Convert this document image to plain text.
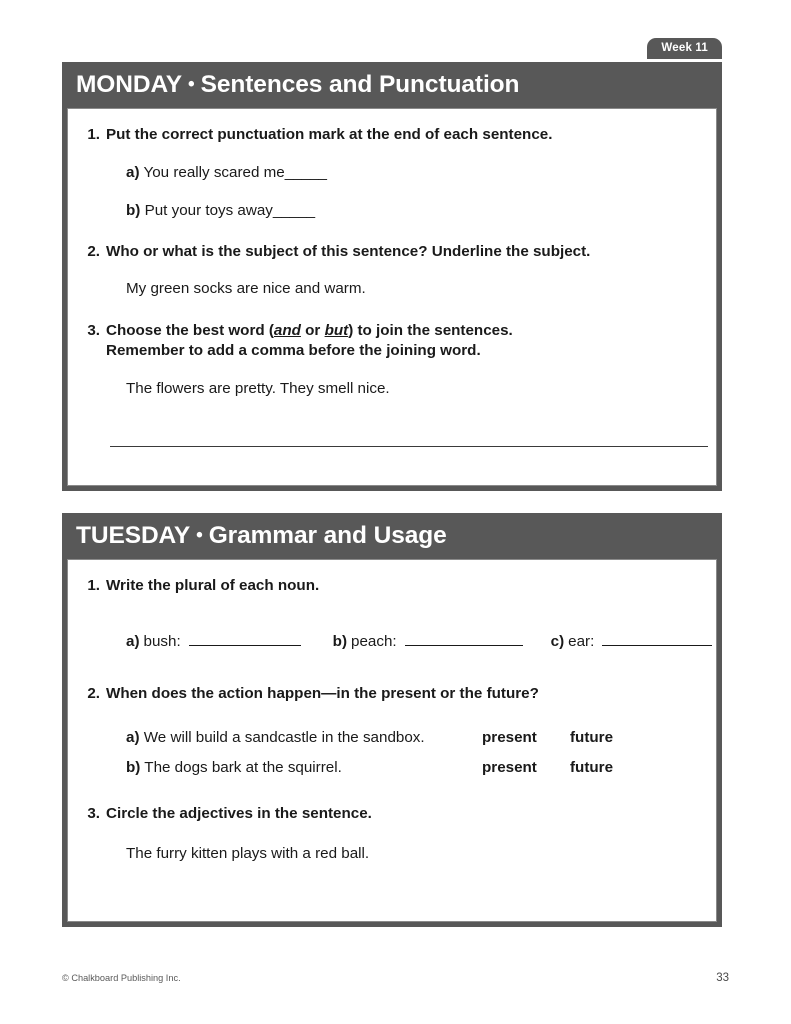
Week 11
MONDAY • Sentences and Punctuation
1. Put the correct punctuation mark at the end of each sentence.
a) You really scared me_____
b) Put your toys away_____
2. Who or what is the subject of this sentence? Underline the subject.
My green socks are nice and warm.
3. Choose the best word (and or but) to join the sentences.
Remember to add a comma before the joining word.
The flowers are pretty. They smell nice.
TUESDAY • Grammar and Usage
1. Write the plural of each noun.
a) bush:	b) peach:	c) ear:
2. When does the action happen—in the present or the future?
a) We will build a sandcastle in the sandbox.	present	future
b) The dogs bark at the squirrel.	present	future
3. Circle the adjectives in the sentence.
The furry kitten plays with a red ball.
© Chalkboard Publishing Inc.	33
